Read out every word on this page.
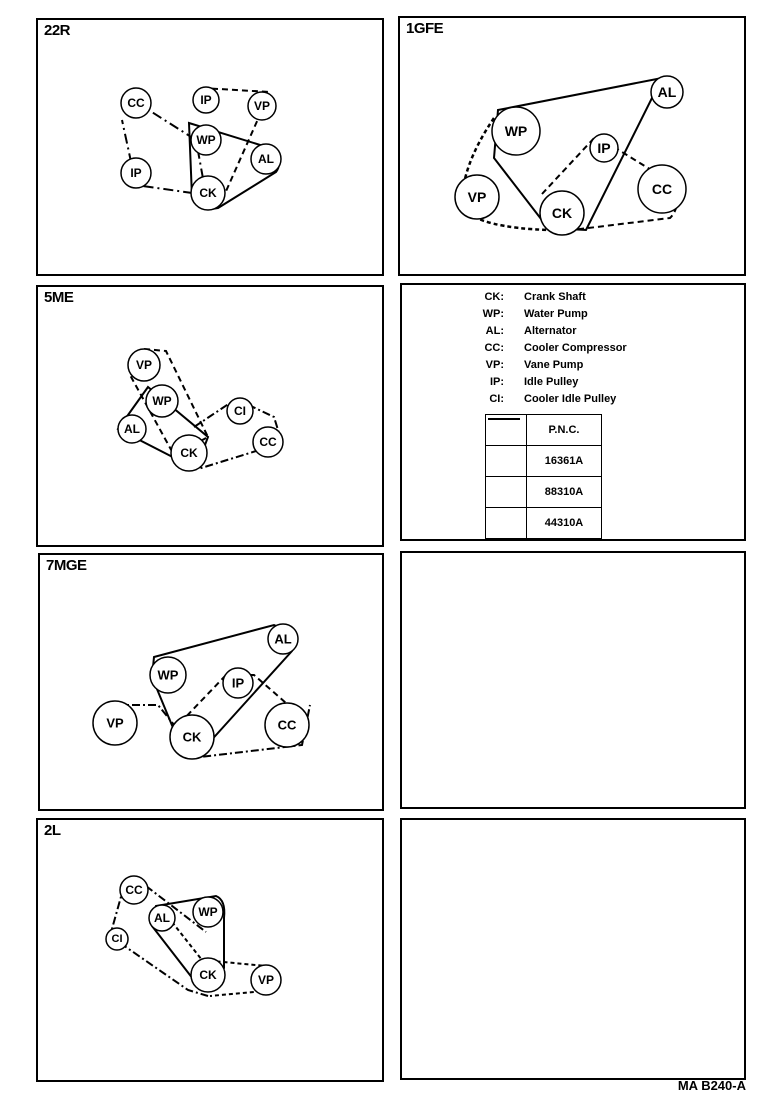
22R
CC
IP
IP	VP
WP
AL
CK
1GFE
WP
AL
IP
VP
CK
CC
5ME
VP
WP
AL
CK
CI
CC
CK: Crank Shaft
WP: Water Pump
AL: Alternator
CC: Cooler Compressor
VP: Vane Pump
IP: Idle Pulley
CI: Cooler Idle Pulley
	P.N.C.

	16361A

	88310A

	44310A
7MGE
WP
AL
IP
VP
CK
CC
2L
CC
AL WP
CI
CK	VP
MA B240-A
